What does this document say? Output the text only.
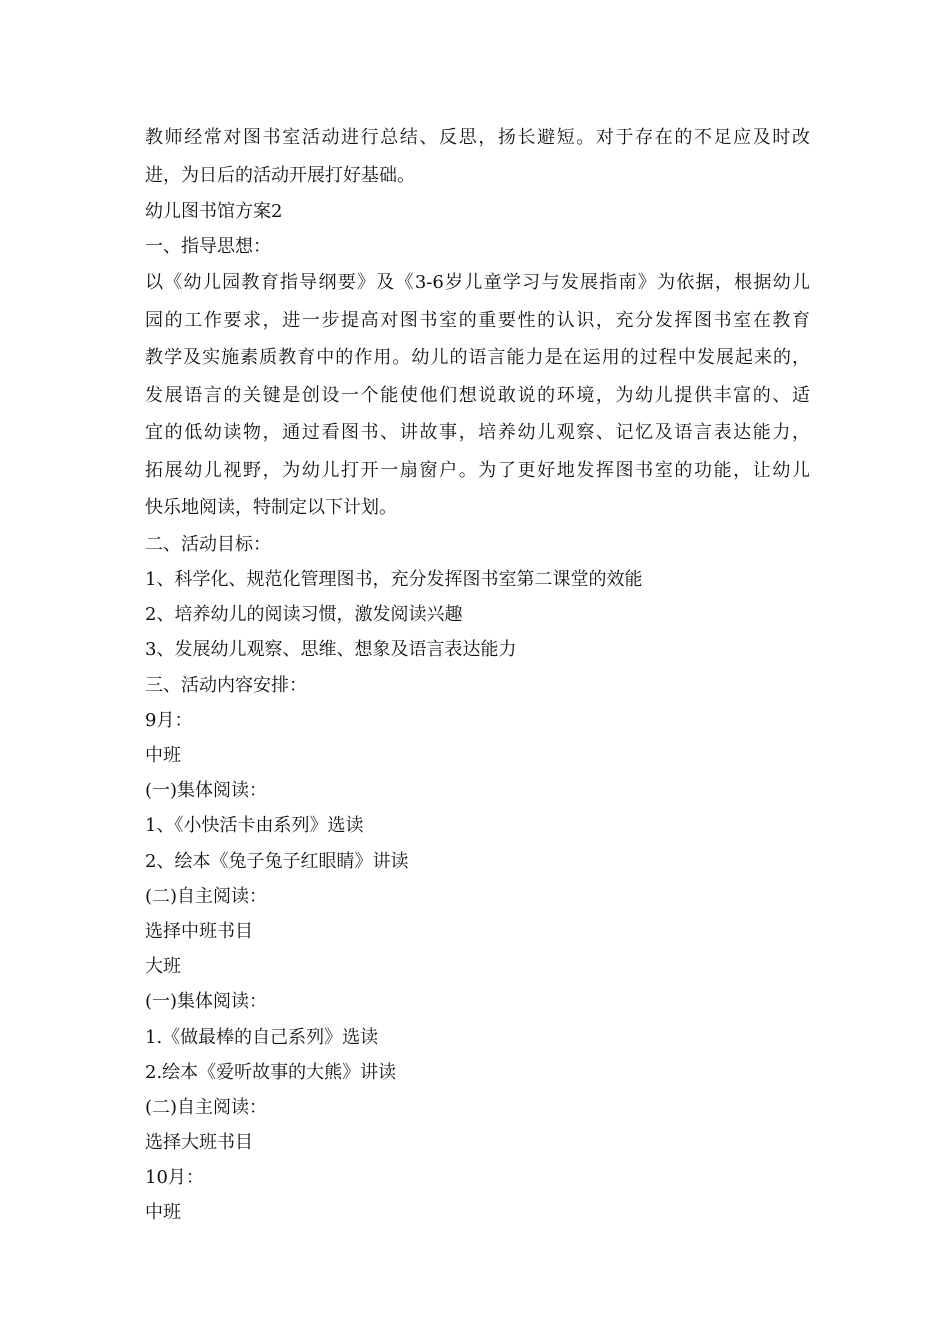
教师经常对图书室活动进行总结、反思，扬长避短。对于存在的不足应及时改
进，为日后的活动开展打好基础。
幼儿图书馆方案2
一、指导思想：
以《幼儿园教育指导纲要》及《3-6岁儿童学习与发展指南》为依据，根据幼儿
园的工作要求，进一步提高对图书室的重要性的认识，充分发挥图书室在教育
教学及实施素质教育中的作用。幼儿的语言能力是在运用的过程中发展起来的，
发展语言的关键是创设一个能使他们想说敢说的环境，为幼儿提供丰富的、适
宜的低幼读物，通过看图书、讲故事，培养幼儿观察、记忆及语言表达能力，
拓展幼儿视野，为幼儿打开一扇窗户。为了更好地发挥图书室的功能，让幼儿
快乐地阅读，特制定以下计划。
二、活动目标：
1、科学化、规范化管理图书，充分发挥图书室第二课堂的效能
2、培养幼儿的阅读习惯，激发阅读兴趣
3、发展幼儿观察、思维、想象及语言表达能力
三、活动内容安排：
9月：
中班
(一)集体阅读：
1、《小快活卡由系列》选读
2、绘本《兔子兔子红眼睛》讲读
(二)自主阅读：
选择中班书目
大班
(一)集体阅读：
1.《做最棒的自己系列》选读
2.绘本《爱听故事的大熊》讲读
(二)自主阅读：
选择大班书目
10月：
中班
